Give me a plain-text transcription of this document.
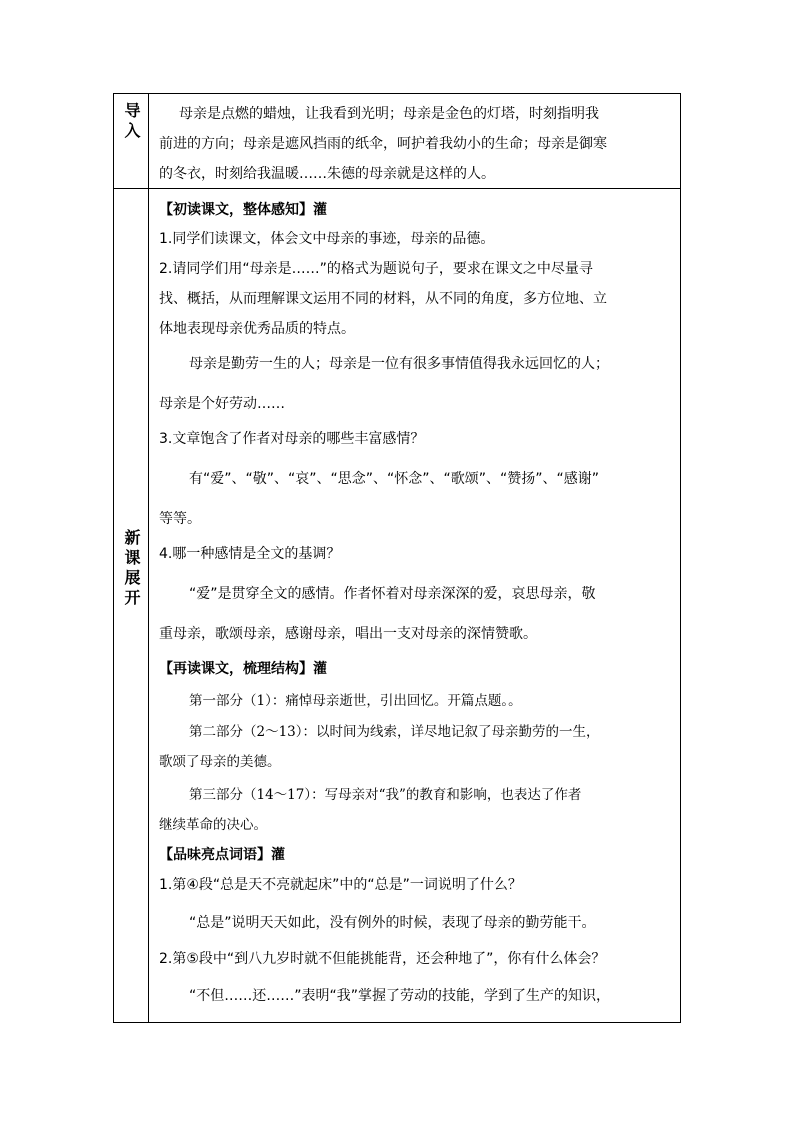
导入	母亲是点燃的蜡烛，让我看到光明；母亲是金色的灯塔，时刻指明我
前进的方向；母亲是遮风挡雨的纸伞，呵护着我幼小的生命；母亲是御寒
的冬衣，时刻给我温暖……朱德的母亲就是这样的人。
新课展开
【初读课文，整体感知】灌
1.同学们读课文，体会文中母亲的事迹，母亲的品德。
2.请同学们用“母亲是……”的格式为题说句子，要求在课文之中尽量寻
找、概括，从而理解课文运用不同的材料，从不同的角度，多方位地、立
体地表现母亲优秀品质的特点。
母亲是勤劳一生的人；母亲是一位有很多事情值得我永远回忆的人；
母亲是个好劳动……
3.文章饱含了作者对母亲的哪些丰富感情？
有“爱”、“敬”、“哀”、“思念”、“怀念”、“歌颂”、“赞扬”、“感谢”
等等。
4.哪一种感情是全文的基调？
“爱”是贯穿全文的感情。作者怀着对母亲深深的爱，哀思母亲，敬
重母亲，歌颂母亲，感谢母亲，唱出一支对母亲的深情赞歌。
【再读课文，梳理结构】灌
第一部分（1）：痛悼母亲逝世，引出回忆。开篇点题。。
第二部分（2～13）：以时间为线索，详尽地记叙了母亲勤劳的一生，
歌颂了母亲的美德。
第三部分（14～17）：写母亲对“我”的教育和影响，也表达了作者
继续革命的决心。
【品味亮点词语】灌
1.第④段“总是天不亮就起床”中的“总是”一词说明了什么？
“总是”说明天天如此，没有例外的时候，表现了母亲的勤劳能干。
2.第⑤段中“到八九岁时就不但能挑能背，还会种地了”，你有什么体会？
“不但……还……”表明“我”掌握了劳动的技能，学到了生产的知识，
